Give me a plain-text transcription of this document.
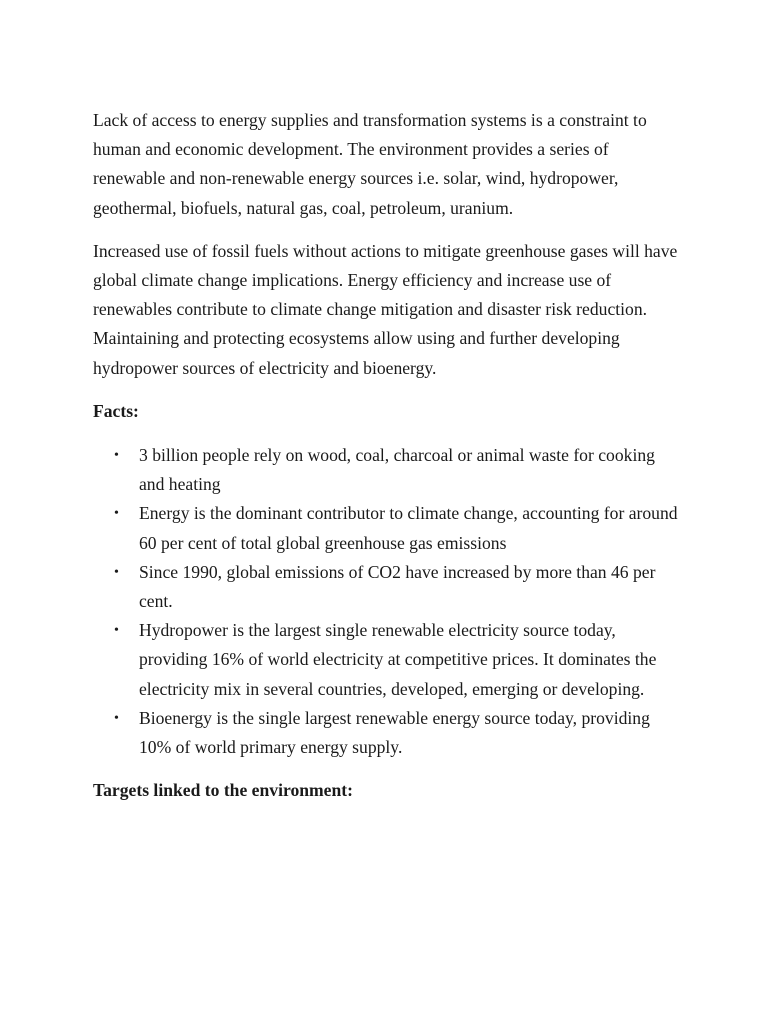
Lack of access to energy supplies and transformation systems is a constraint to human and economic development. The environment provides a series of renewable and non-renewable energy sources i.e. solar, wind, hydropower, geothermal, biofuels, natural gas, coal, petroleum, uranium.

Increased use of fossil fuels without actions to mitigate greenhouse gases will have global climate change implications. Energy efficiency and increase use of renewables contribute to climate change mitigation and disaster risk reduction. Maintaining and protecting ecosystems allow using and further developing hydropower sources of electricity and bioenergy.

Facts:

• 3 billion people rely on wood, coal, charcoal or animal waste for cooking and heating
• Energy is the dominant contributor to climate change, accounting for around 60 per cent of total global greenhouse gas emissions
• Since 1990, global emissions of CO2 have increased by more than 46 per cent.
• Hydropower is the largest single renewable electricity source today, providing 16% of world electricity at competitive prices. It dominates the electricity mix in several countries, developed, emerging or developing.
• Bioenergy is the single largest renewable energy source today, providing 10% of world primary energy supply.

Targets linked to the environment:
